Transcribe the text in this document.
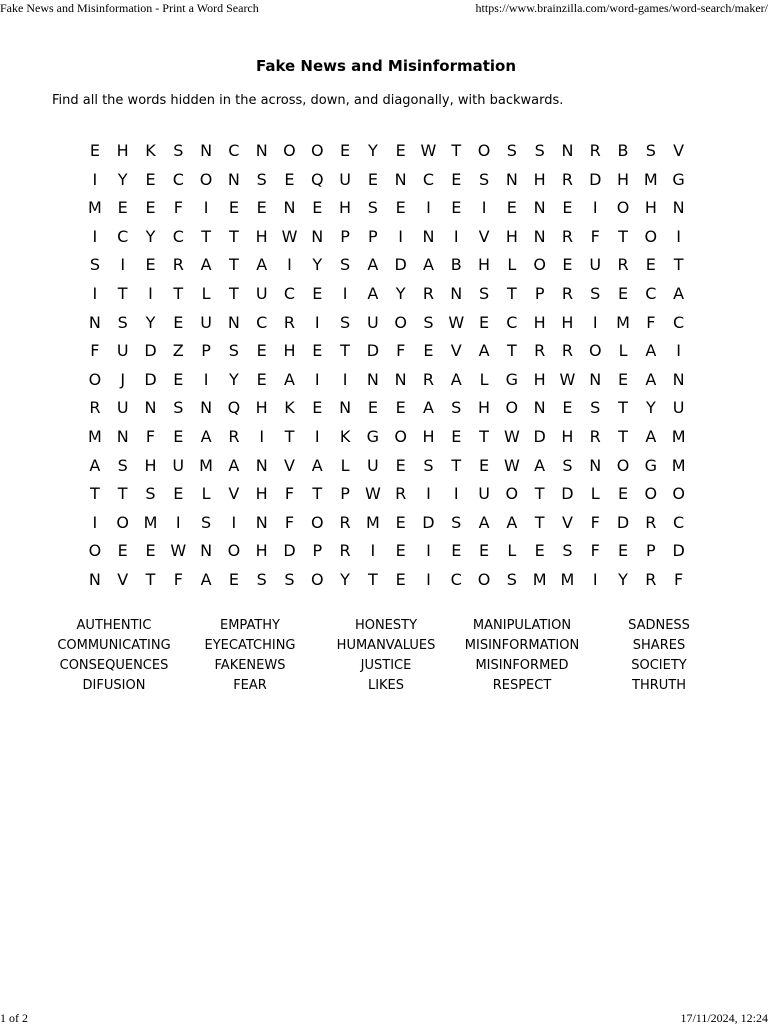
Fake News and Misinformation - Print a Word Search	https://www.brainzilla.com/word-games/word-search/maker/
Fake News and Misinformation
Find all the words hidden in the across, down, and diagonally, with backwards.
E	H	K	S	N	C	N O O	E	Y	E W T	O	S	S	N	R	B	S	V
I	Y	E	C O N	S	E	Q U	E	N	C	E	S	N H	R	D H M G
M E	E	F	I	E	E	N	E	H	S	E	I	E	I	E	N	E	I	O H N
I	C	Y	C	T	T	H W N	P	P	I	N	I	V	H N	R	F	T	O	I
S	I	E	R	A	T	A	I	Y	S	A	D	A	B	H	L	O	E	U	R	E	T
I	T	I	T	L	T	U	C	E	I	A	Y	R	N	S	T	P	R	S	E	C	A
N	S	Y	E	U N	C	R	I	S	U O	S W E	C	H H	I	M	F	C
F	U D	Z	P	S	E	H	E	T	D	F	E	V	A	T	R	R O	L	A	I
O	J	D	E	I	Y	E	A	I	I	N N	R	A	L	G H W N	E	A	N
R	U N	S	N Q H	K	E	N	E	E	A	S	H O N	E	S	T	Y	U
M N	F	E	A	R	I	T	I	K	G O H	E	T W D H	R	T	A M
A	S	H U M A	N	V	A	L	U	E	S	T	E W A	S	N O G M
T	T	S	E	L	V	H	F	T	P W R	I	I	U O	T	D	L	E	O O
I	O M	I	S	I	N	F	O R M E	D	S	A	A	T	V	F	D	R	C
O	E	E W N O H D	P	R	I	E	I	E	E	L	E	S	F	E	P	D
N	V	T	F	A	E	S	S	O	Y	T	E	I	C O	S M M	I	Y	R	F
AUTHENTIC
COMMUNICATING
CONSEQUENCES
DIFUSION
EMPATHY
EYECATCHING
FAKENEWS
FEAR
HONESTY
HUMANVALUES
JUSTICE
LIKES
MANIPULATION
MISINFORMATION
MISINFORMED
RESPECT
SADNESS
SHARES
SOCIETY
THRUTH
1 of 2	17/11/2024, 12:24
